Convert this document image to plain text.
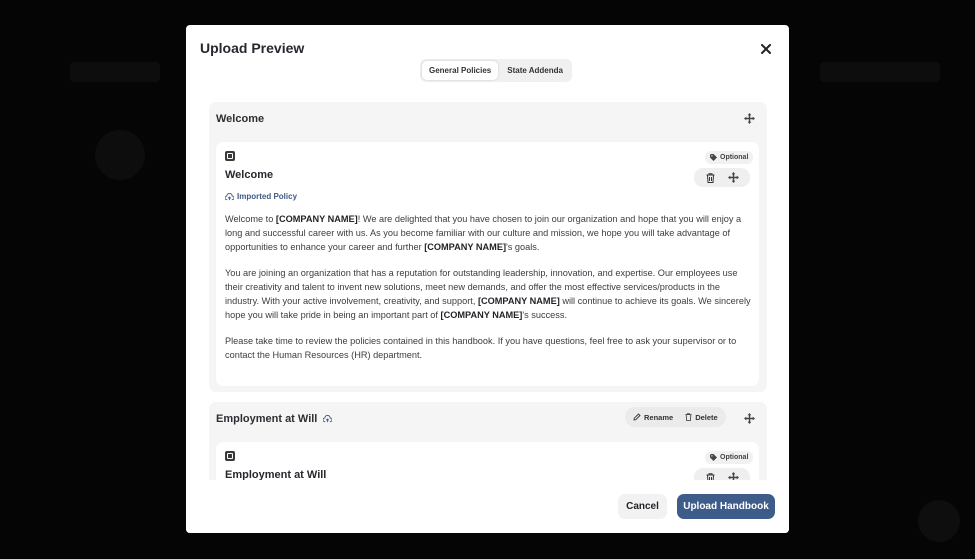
Upload Preview
General Policies	State Addenda
Welcome
Optional
Welcome
Imported Policy

Welcome to [COMPANY NAME]! We are delighted that you have chosen to join our organization and hope that you will enjoy a long and successful career with us. As you become familiar with our culture and mission, we hope you will take advantage of opportunities to enhance your career and further [COMPANY NAME]'s goals.

You are joining an organization that has a reputation for outstanding leadership, innovation, and expertise. Our employees use their creativity and talent to invent new solutions, meet new demands, and offer the most effective services/products in the industry. With your active involvement, creativity, and support, [COMPANY NAME] will continue to achieve its goals. We sincerely hope you will take pride in being an important part of [COMPANY NAME]'s success.

Please take time to review the policies contained in this handbook. If you have questions, feel free to ask your supervisor or to contact the Human Resources (HR) department.

Employment at Will	Rename	Delete
Optional
Employment at Will
Cancel	Upload Handbook
